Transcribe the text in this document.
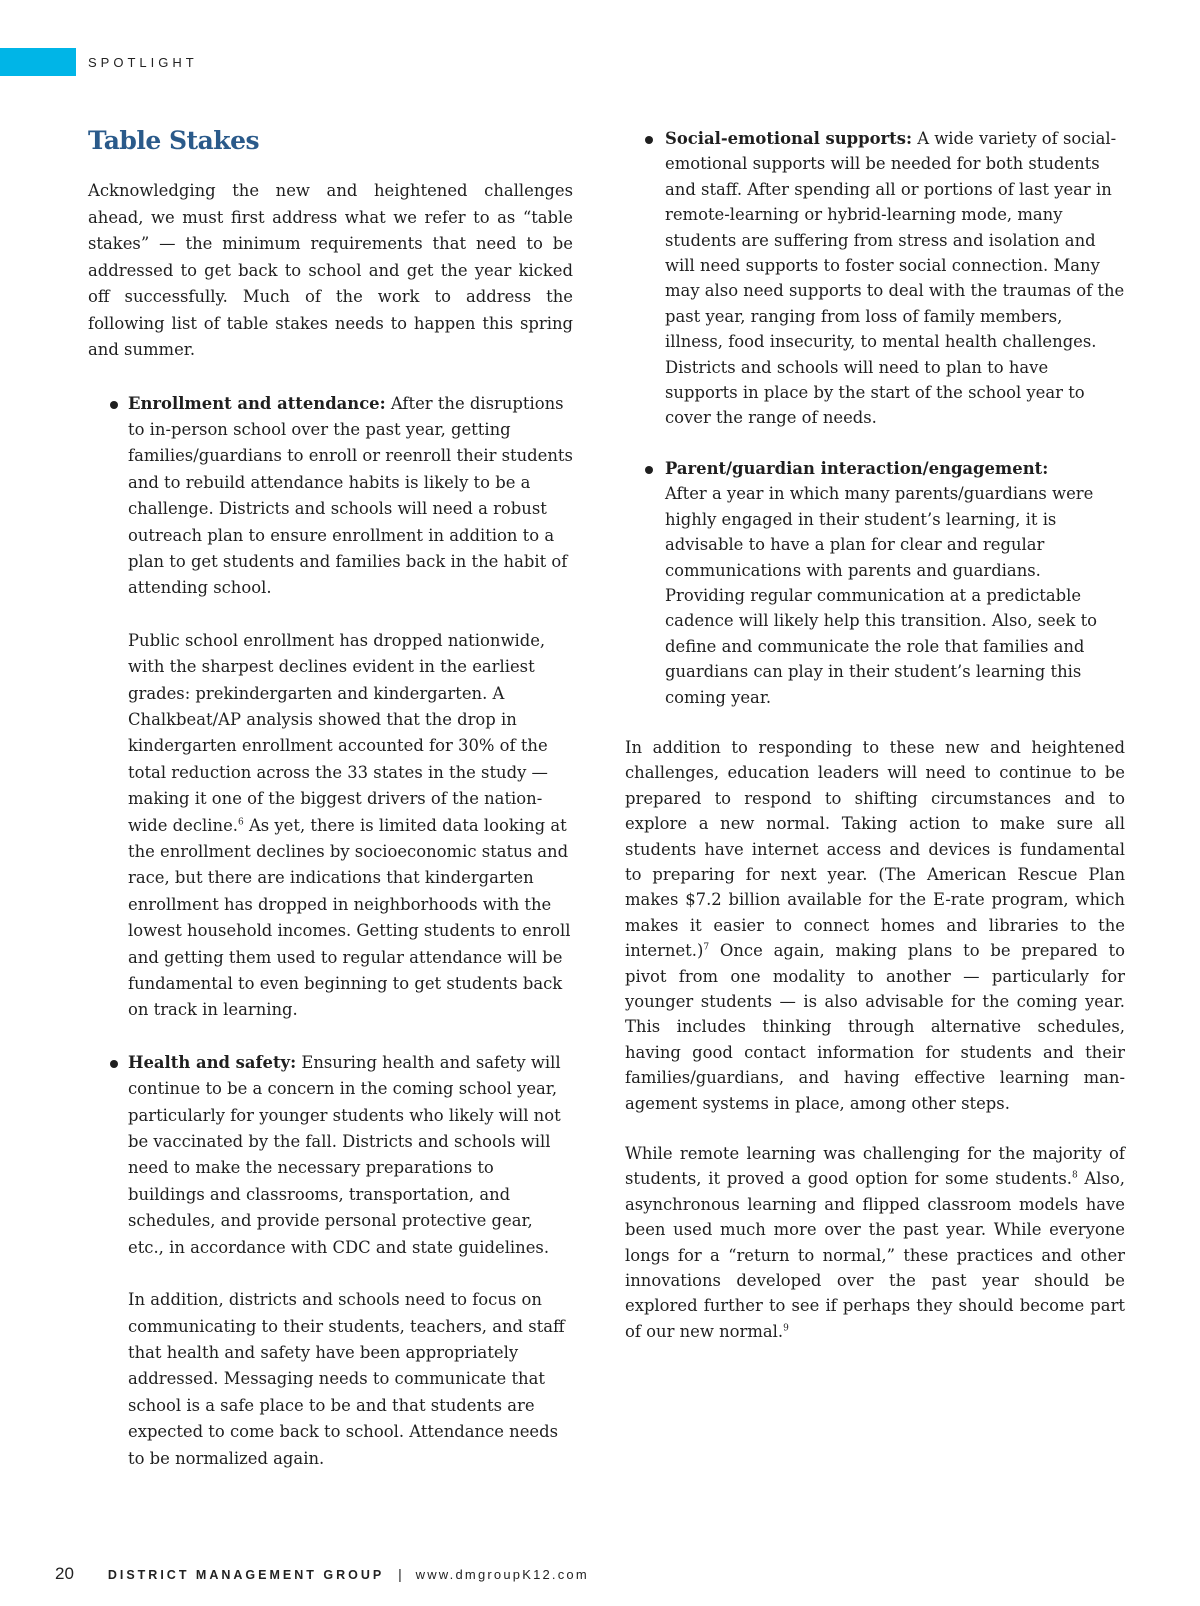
SPOTLIGHT
Table Stakes

Acknowledging the new and heightened challenges ahead, we must first address what we refer to as “table stakes” — the minimum requirements that need to be addressed to get back to school and get the year kicked off successfully. Much of the work to address the following list of table stakes needs to happen this spring and summer.

Enrollment and attendance: After the disruptions to in-person school over the past year, getting families/guardians to enroll or reenroll their students and to rebuild attendance habits is likely to be a challenge. Districts and schools will need a robust outreach plan to ensure enrollment in addition to a plan to get students and families back in the habit of attending school.

Public school enrollment has dropped nationwide, with the sharpest declines evident in the earliest grades: prekindergarten and kindergarten. A Chalkbeat/AP analysis showed that the drop in kindergarten enrollment accounted for 30% of the total reduction across the 33 states in the study — making it one of the biggest drivers of the nation-wide decline.$^6$ As yet, there is limited data looking at the enrollment declines by socioeconomic status and race, but there are indications that kindergarten enrollment has dropped in neighborhoods with the lowest household incomes. Getting students to enroll and getting them used to regular attendance will be fundamental to even beginning to get students back on track in learning.

Health and safety: Ensuring health and safety will continue to be a concern in the coming school year, particularly for younger students who likely will not be vaccinated by the fall. Districts and schools will need to make the necessary preparations to buildings and classrooms, transportation, and schedules, and provide personal protective gear, etc., in accordance with CDC and state guidelines.

In addition, districts and schools need to focus on communicating to their students, teachers, and staff that health and safety have been appropriately addressed. Messaging needs to communicate that school is a safe place to be and that students are expected to come back to school. Attendance needs to be normalized again.

Social-emotional supports: A wide variety of social-emotional supports will be needed for both students and staff. After spending all or portions of last year in remote-learning or hybrid-learning mode, many students are suffering from stress and isolation and will need supports to foster social connection. Many may also need supports to deal with the traumas of the past year, ranging from loss of family members, illness, food insecurity, to mental health challenges. Districts and schools will need to plan to have supports in place by the start of the school year to cover the range of needs.

Parent/guardian interaction/engagement:
After a year in which many parents/guardians were highly engaged in their student’s learning, it is advisable to have a plan for clear and regular communications with parents and guardians. Providing regular communication at a predictable cadence will likely help this transition. Also, seek to define and communicate the role that families and guardians can play in their student’s learning this coming year.

In addition to responding to these new and heightened challenges, education leaders will need to continue to be prepared to respond to shifting circumstances and to explore a new normal. Taking action to make sure all students have internet access and devices is fundamental to preparing for next year. (The American Rescue Plan makes $7.2 billion available for the E-rate program, which makes it easier to connect homes and libraries to the internet.)$^7$ Once again, making plans to be prepared to pivot from one modality to another — particularly for younger students — is also advisable for the coming year. This includes thinking through alternative schedules, having good contact information for students and their families/guardians, and having effective learning man-agement systems in place, among other steps.

While remote learning was challenging for the majority of students, it proved a good option for some students.$^8$ Also, asynchronous learning and flipped classroom models have been used much more over the past year. While everyone longs for a “return to normal,” these practices and other innovations developed over the past year should be explored further to see if perhaps they should become part of our new normal.$^9$

20	DISTRICT MANAGEMENT GROUP | www.dmgroupK12.com
